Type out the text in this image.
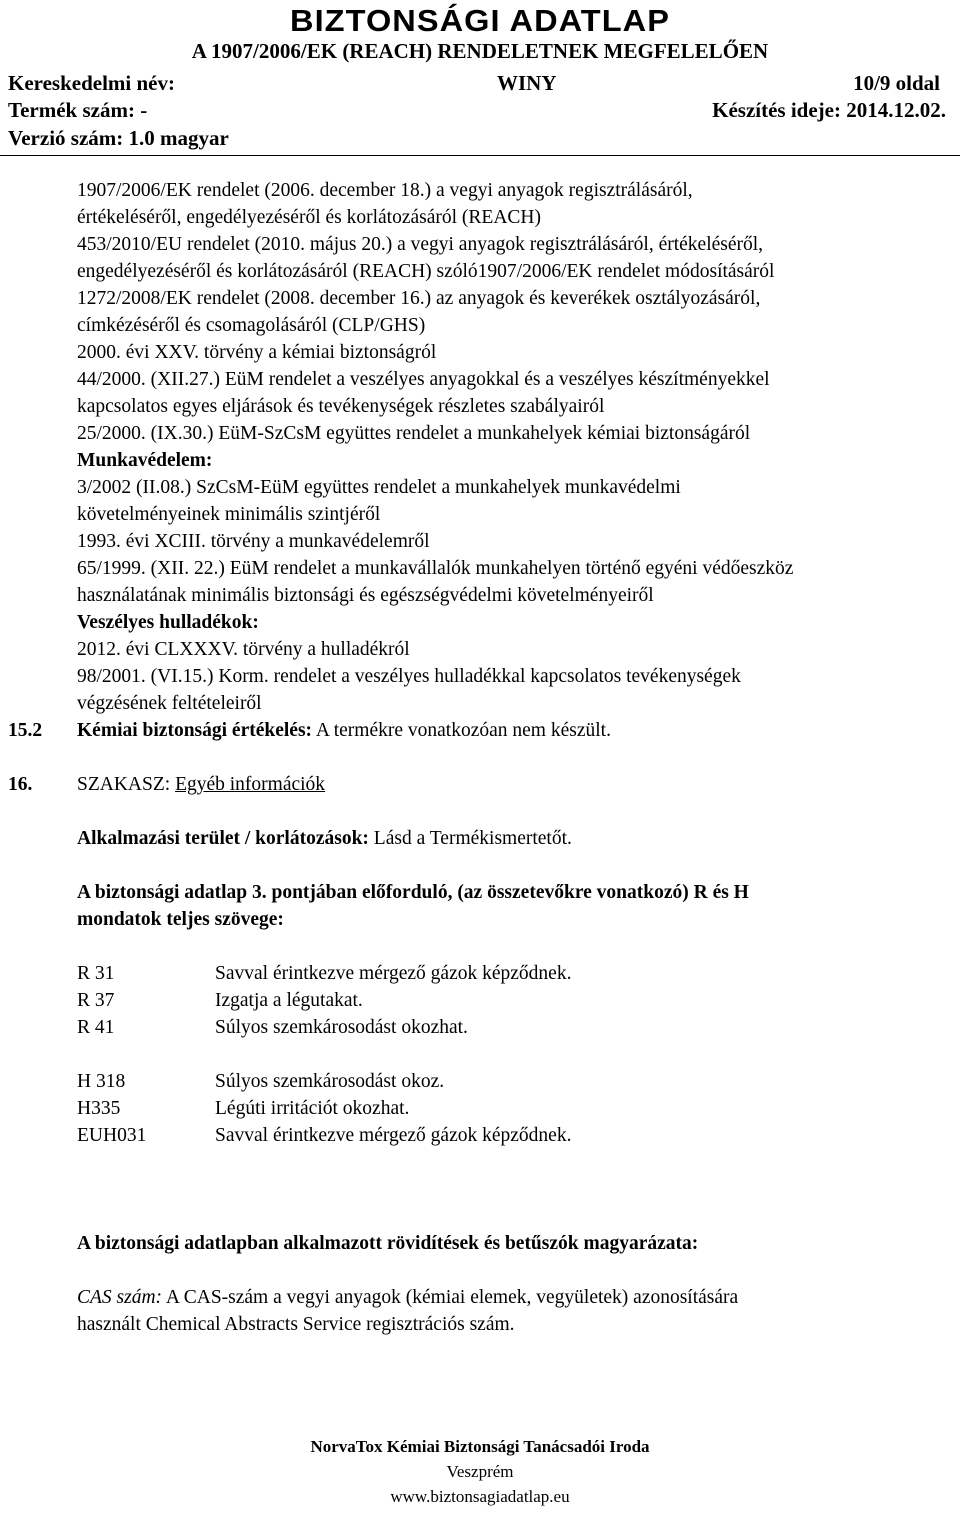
BIZTONSÁGI ADATLAP
A 1907/2006/EK (REACH) RENDELETNEK MEGFELELŐEN
Kereskedelmi név:	WINY	10/9 oldal
Termék szám: -	Készítés ideje: 2014.12.02.
Verzió szám: 1.0 magyar
1907/2006/EK rendelet (2006. december 18.) a vegyi anyagok regisztrálásáról,
értékeléséről, engedélyezéséről és korlátozásáról (REACH)
453/2010/EU rendelet (2010. május 20.) a vegyi anyagok regisztrálásáról, értékeléséről,
engedélyezéséről és korlátozásáról (REACH) szóló1907/2006/EK rendelet módosításáról
1272/2008/EK rendelet (2008. december 16.) az anyagok és keverékek osztályozásáról,
címkézéséről és csomagolásáról (CLP/GHS)
2000. évi XXV. törvény a kémiai biztonságról
44/2000. (XII.27.) EüM rendelet a veszélyes anyagokkal és a veszélyes készítményekkel
kapcsolatos egyes eljárások és tevékenységek részletes szabályairól
25/2000. (IX.30.) EüM-SzCsM együttes rendelet a munkahelyek kémiai biztonságáról
Munkavédelem:
3/2002 (II.08.) SzCsM-EüM együttes rendelet a munkahelyek munkavédelmi
követelményeinek minimális szintjéről
1993. évi XCIII. törvény a munkavédelemről
65/1999. (XII. 22.) EüM rendelet a munkavállalók munkahelyen történő egyéni védőeszköz
használatának minimális biztonsági és egészségvédelmi követelményeiről
Veszélyes hulladékok:
2012. évi CLXXXV. törvény a hulladékról
98/2001. (VI.15.) Korm. rendelet a veszélyes hulladékkal kapcsolatos tevékenységek
végzésének feltételeiről
15.2 Kémiai biztonsági értékelés: A termékre vonatkozóan nem készült.
16. SZAKASZ: Egyéb információk
Alkalmazási terület / korlátozások: Lásd a Termékismertetőt.
A biztonsági adatlap 3. pontjában előforduló, (az összetevőkre vonatkozó) R és H
mondatok teljes szövege:
R 31	Savval érintkezve mérgező gázok képződnek.
R 37	Izgatja a légutakat.
R 41	Súlyos szemkárosodást okozhat.
H 318	Súlyos szemkárosodást okoz.
H335	Légúti irritációt okozhat.
EUH031	Savval érintkezve mérgező gázok képződnek.
A biztonsági adatlapban alkalmazott rövidítések és betűszók magyarázata:
CAS szám: A CAS-szám a vegyi anyagok (kémiai elemek, vegyületek) azonosítására
használt Chemical Abstracts Service regisztrációs szám.
NorvaTox Kémiai Biztonsági Tanácsadói Iroda
Veszprém
www.biztonsagiadatlap.eu
